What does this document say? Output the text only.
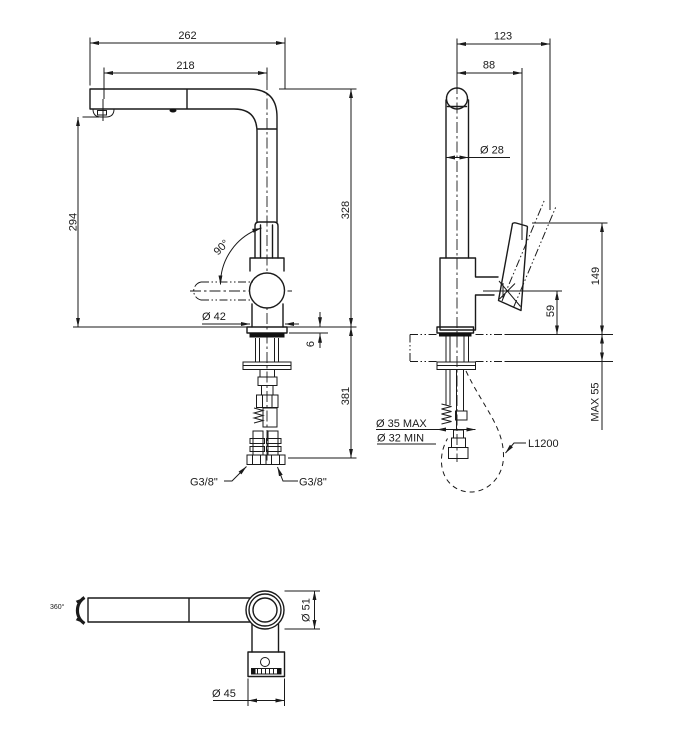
90°
262
218
294
328
381
6
Ø 42
G3/8"	G3/8"
123
88
Ø 28
149
59
MAX 55
Ø 35 MAX
Ø 32 MIN	L1200
360°	Ø 51
Ø 45
